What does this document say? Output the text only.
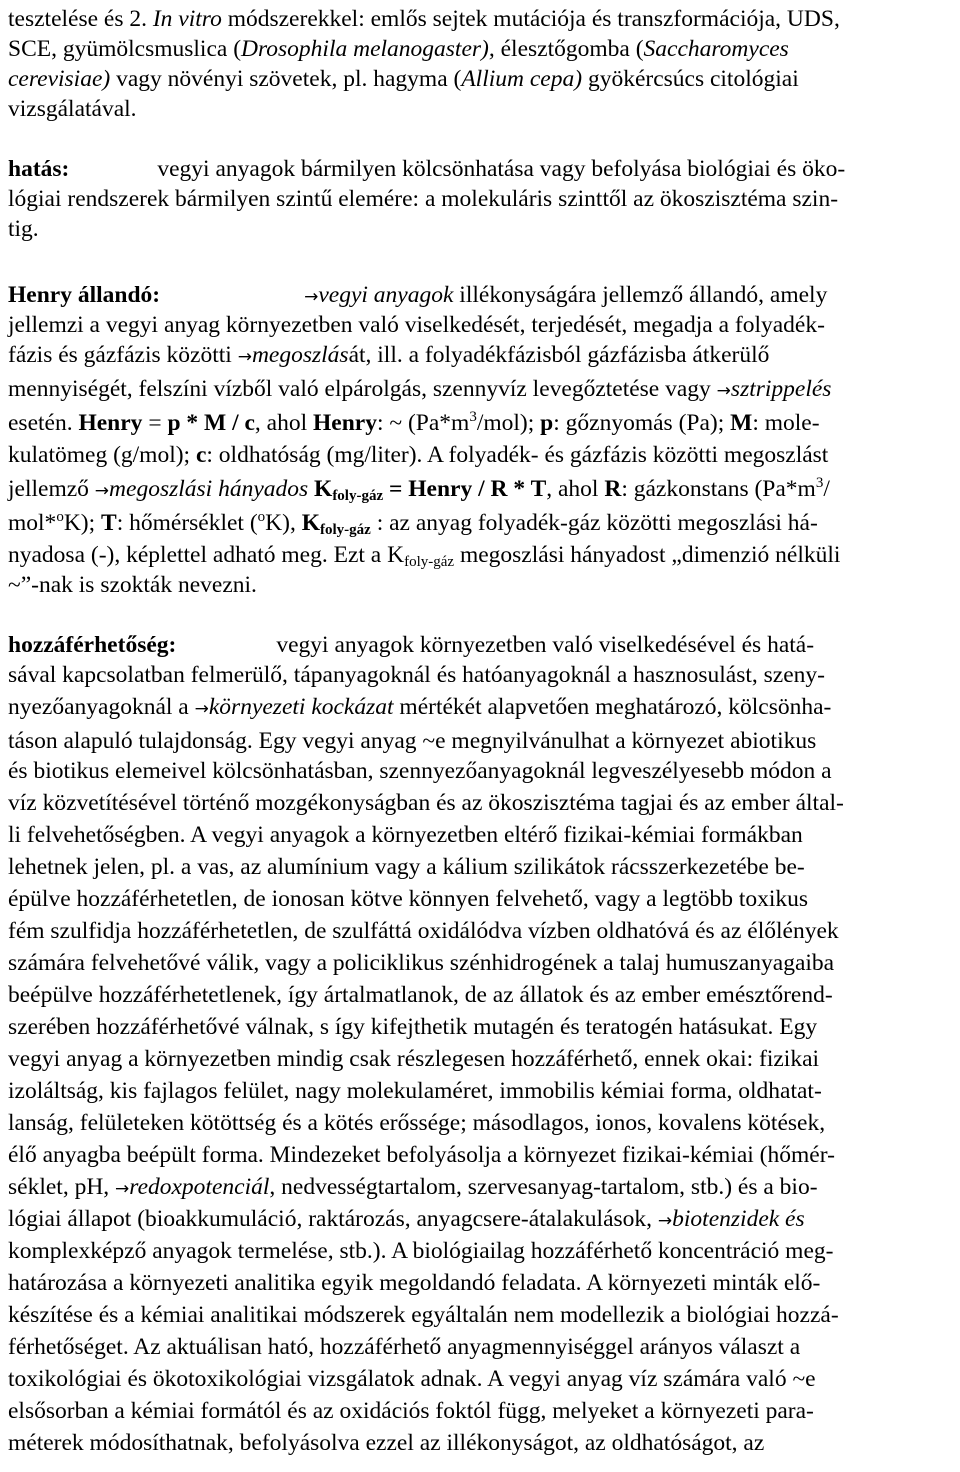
tesztelése és 2. In vitro módszerekkel: emlős sejtek mutációja és transzformációja, UDS,

SCE, gyümölcsmuslica (Drosophila melanogaster), élesztőgomba (Saccharomyces

cerevisiae) vagy növényi szövetek, pl. hagyma (Allium cepa) gyökércsúcs citológiai

vizsgálatával.

hatás:	vegyi anyagok bármilyen kölcsönhatása vagy befolyása biológiai és öko-

lógiai rendszerek bármilyen szintű elemére: a molekuláris szinttől az ökoszisztéma szin-

tig.

Henry állandó:	→vegyi anyagok illékonyságára jellemző állandó, amely

jellemzi a vegyi anyag környezetben való viselkedését, terjedését, megadja a folyadék-

fázis és gázfázis közötti →megoszlását, ill. a folyadékfázisból gázfázisba átkerülő

mennyiségét, felszíni vízből való elpárolgás, szennyvíz levegőztetése vagy →sztrippelés

esetén. Henry = p * M / c, ahol Henry: ~ $(Pa*m^3/mol)$; p: gőznyomás (Pa); M: mole-

kulatömeg (g/mol); c: oldhatóság (mg/liter). A folyadék- és gázfázis közötti megoszlást

jellemző →megoszlási hányados $K_{foly-gáz}$ = Henry / R * T, ahol R: gázkonstans ($Pa*m^3/$

mol*$^o$K); T: hőmérséklet ($^o$K), $K_{foly-gáz}$ : az anyag folyadék-gáz közötti megoszlási há-

nyadosa (-), képlettel adható meg. Ezt a $K_{foly-gáz}$ megoszlási hányadost „dimenzió nélküli

~”-nak is szokták nevezni.

hozzáférhetőség:	vegyi anyagok környezetben való viselkedésével és hatá-

sával kapcsolatban felmerülő, tápanyagoknál és hatóanyagoknál a hasznosulást, szeny-

nyezőanyagoknál a →környezeti kockázat mértékét alapvetően meghatározó, kölcsönha-

táson alapuló tulajdonság. Egy vegyi anyag ~e megnyilvánulhat a környezet abiotikus

és biotikus elemeivel kölcsönhatásban, szennyezőanyagoknál legveszélyesebb módon a

víz közvetítésével történő mozgékonyságban és az ökoszisztéma tagjai és az ember által-

li felvehetőségben. A vegyi anyagok a környezetben eltérő fizikai-kémiai formákban

lehetnek jelen, pl. a vas, az alumínium vagy a kálium szilikátok rácsszerkezetébe be-

épülve hozzáférhetetlen, de ionosan kötve könnyen felvehető, vagy a legtöbb toxikus

fém szulfidja hozzáférhetetlen, de szulfáttá oxidálódva vízben oldhatóvá és az élőlények

számára felvehetővé válik, vagy a policiklikus szénhidrogének a talaj humuszanyagaiba

beépülve hozzáférhetetlenek, így ártalmatlanok, de az állatok és az ember emésztőrend-

szerében hozzáférhetővé válnak, s így kifejthetik mutagén és teratogén hatásukat. Egy

vegyi anyag a környezetben mindig csak részlegesen hozzáférhető, ennek okai: fizikai

izoláltság, kis fajlagos felület, nagy molekulaméret, immobilis kémiai forma, oldhatat-

lanság, felületeken kötöttség és a kötés erőssége; másodlagos, ionos, kovalens kötések,

élő anyagba beépült forma. Mindezeket befolyásolja a környezet fizikai-kémiai (hőmér-

séklet, pH, →redoxpotenciál, nedvességtartalom, szervesanyag-tartalom, stb.) és a bio-

lógiai állapot (bioakkumuláció, raktározás, anyagcsere-átalakulások, →biotenzidek és

komplexképző anyagok termelése, stb.). A biológiailag hozzáférhető koncentráció meg-

határozása a környezeti analitika egyik megoldandó feladata. A környezeti minták elő-

készítése és a kémiai analitikai módszerek egyáltalán nem modellezik a biológiai hozzá-

férhetőséget. Az aktuálisan ható, hozzáférhető anyagmennyiséggel arányos választ a

toxikológiai és ökotoxikológiai vizsgálatok adnak. A vegyi anyag víz számára való ~e

elsősorban a kémiai formától és az oxidációs foktól függ, melyeket a környezeti para-

méterek módosíthatnak, befolyásolva ezzel az illékonyságot, az oldhatóságot, az
